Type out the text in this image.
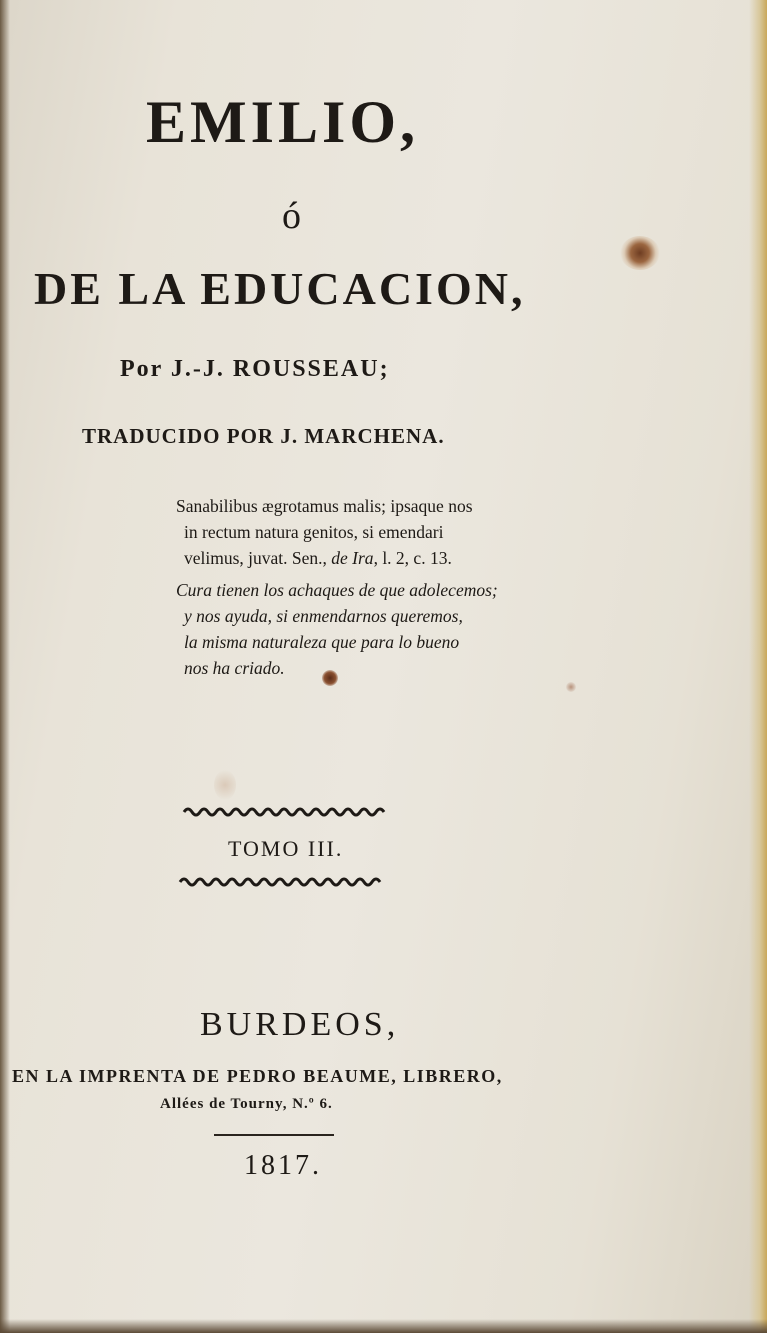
EMILIO,

ó

DE LA EDUCACION,

Por J.-J. ROUSSEAU;

TRADUCIDO POR J. MARCHENA.

Sanabilibus ægrotamus malis; ipsaque nos

in rectum natura genitos, si emendari

velimus, juvat. Sen., de Ira, l. 2, c. 13.

Cura tienen los achaques de que adolecemos;

y nos ayuda, si enmendarnos queremos,

la misma naturaleza que para lo bueno

nos ha criado.

TOMO III.

BURDEOS,

EN LA IMPRENTA DE PEDRO BEAUME, LIBRERO,

Allées de Tourny, N.º 6.

1817.
